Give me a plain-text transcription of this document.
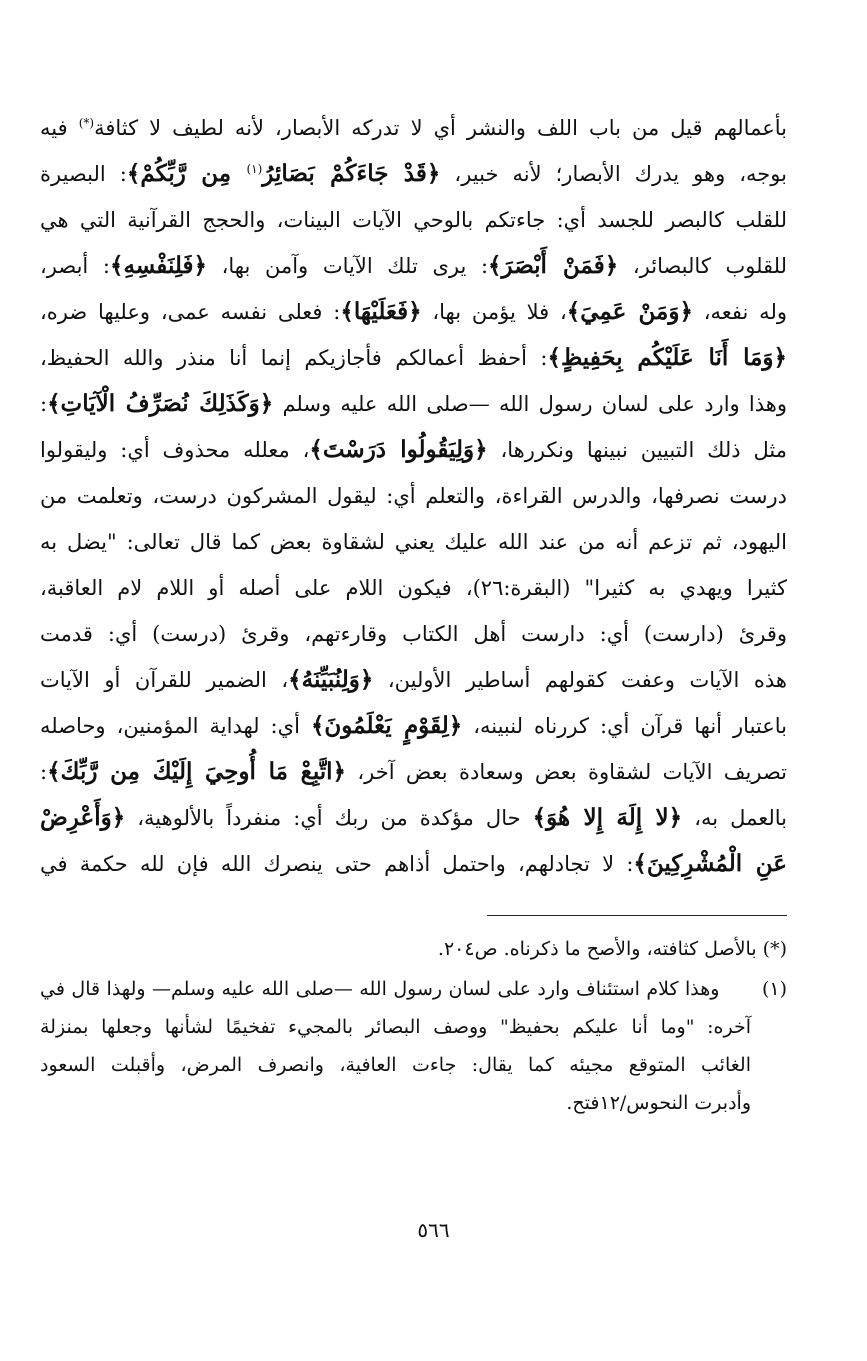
بأعمالهم قيل من باب اللف والنشر أي لا تدركه الأبصار، لأنه لطيف لا كثافة(*) فيه
بوجه، وهو يدرك الأبصار؛ لأنه خبير، ﴿قَدْ جَاءَكُمْ بَصَائِرُ$^{(١)}$ مِن رَّبِّكُمْ﴾: البصيرة
للقلب كالبصر للجسد أي: جاءتكم بالوحي الآيات البينات، والحجج القرآنية التي هي
للقلوب كالبصائر، ﴿فَمَنْ أَبْصَرَ﴾: يرى تلك الآيات وآمن بها، ﴿فَلِنَفْسِهِ﴾: أبصر،
وله نفعه، ﴿وَمَنْ عَمِيَ﴾، فلا يؤمن بها، ﴿فَعَلَيْهَا﴾: فعلى نفسه عمى، وعليها ضره،
﴿وَمَا أَنَا عَلَيْكُم بِحَفِيظٍ﴾: أحفظ أعمالكم فأجازيكم إنما أنا منذر والله الحفيظ،
وهذا وارد على لسان رسول الله —صلى الله عليه وسلم ﴿وَكَذَلِكَ نُصَرِّفُ الْآيَاتِ﴾:
مثل ذلك التبيين نبينها ونكررها، ﴿وَلِيَقُولُوا دَرَسْتَ﴾، معلله محذوف أي: وليقولوا
درست نصرفها، والدرس القراءة، والتعلم أي: ليقول المشركون درست، وتعلمت من
اليهود، ثم تزعم أنه من عند الله عليك يعني لشقاوة بعض كما قال تعالى: "يضل به
كثيرا ويهدي به كثيرا" (البقرة:٢٦)، فيكون اللام على أصله أو اللام لام العاقبة،
وقرئ (دارست) أي: دارست أهل الكتاب وقارءتهم، وقرئ (درست) أي: قدمت
هذه الآيات وعفت كقولهم أساطير الأولين، ﴿وَلِنُبَيِّنَهُ﴾، الضمير للقرآن أو الآيات
باعتبار أنها قرآن أي: كررناه لنبينه، ﴿لِقَوْمٍ يَعْلَمُونَ﴾ أي: لهداية المؤمنين، وحاصله
تصريف الآيات لشقاوة بعض وسعادة بعض آخر، ﴿اتَّبِعْ مَا أُوحِيَ إِلَيْكَ مِن رَّبِّكَ﴾:
بالعمل به، ﴿لا إِلَهَ إِلا هُوَ﴾ حال مؤكدة من ربك أي: منفرداً بالألوهية، ﴿وَأَعْرِضْ
عَنِ الْمُشْرِكِينَ﴾: لا تجادلهم، واحتمل أذاهم حتى ينصرك الله فإن لله حكمة في
(*) بالأصل كثافته، والأصح ما ذكرناه. ص٢٠٤.
(١) وهذا كلام استئناف وارد على لسان رسول الله —صلى الله عليه وسلم— ولهذا قال في
آخره: "وما أنا عليكم بحفيظ" ووصف البصائر بالمجيء تفخيمًا لشأنها وجعلها بمنزلة
الغائب المتوقع مجيئه كما يقال: جاءت العافية، وانصرف المرض، وأقبلت السعود
وأدبرت النحوس/١٢فتح.
٥٦٦
